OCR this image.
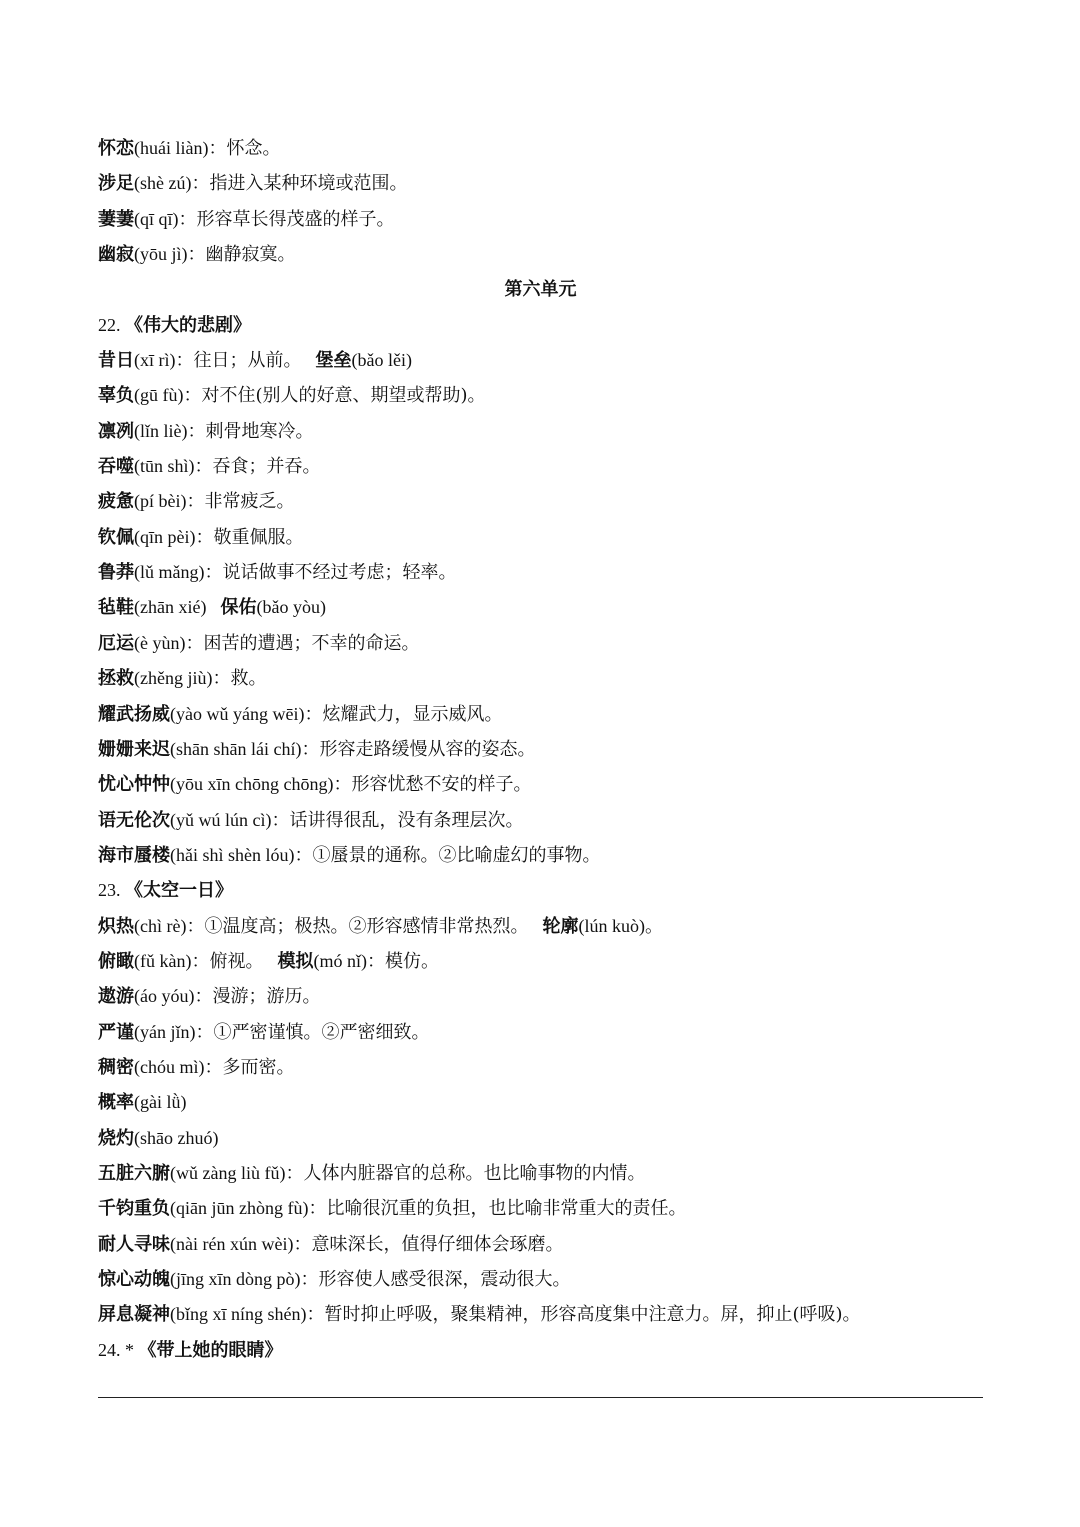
怀恋(huái liàn)：怀念。
涉足(shè zú)：指进入某种环境或范围。
萋萋(qī qī)：形容草长得茂盛的样子。
幽寂(yōu jì)：幽静寂寞。
第六单元
22. 《伟大的悲剧》
昔日(xī rì)：往日；从前。 堡垒(bǎo lěi)
辜负(gū fù)：对不住(别人的好意、期望或帮助)。
凛冽(lǐn liè)：刺骨地寒冷。
吞噬(tūn shì)：吞食；并吞。
疲惫(pí bèi)：非常疲乏。
钦佩(qīn pèi)：敬重佩服。
鲁莽(lǔ mǎng)：说话做事不经过考虑；轻率。
毡鞋(zhān xié) 保佑(bǎo yòu)
厄运(è yùn)：困苦的遭遇；不幸的命运。
拯救(zhěng jiù)：救。
耀武扬威(yào wǔ yáng wēi)：炫耀武力，显示威风。
姗姗来迟(shān shān lái chí)：形容走路缓慢从容的姿态。
忧心忡忡(yōu xīn chōng chōng)：形容忧愁不安的样子。
语无伦次(yǔ wú lún cì)：话讲得很乱，没有条理层次。
海市蜃楼(hǎi shì shèn lóu)：①蜃景的通称。②比喻虚幻的事物。
23. 《太空一日》
炽热(chì rè)：①温度高；极热。②形容感情非常热烈。 轮廓(lún kuò)。
俯瞰(fǔ kàn)：俯视。 模拟(mó nǐ)：模仿。
遨游(áo yóu)：漫游；游历。
严谨(yán jǐn)：①严密谨慎。②严密细致。
稠密(chóu mì)：多而密。
概率(gài lǜ)
烧灼(shāo zhuó)
五脏六腑(wǔ zàng liù fǔ)：人体内脏器官的总称。也比喻事物的内情。
千钧重负(qiān jūn zhòng fù)：比喻很沉重的负担，也比喻非常重大的责任。
耐人寻味(nài rén xún wèi)：意味深长，值得仔细体会琢磨。
惊心动魄(jīng xīn dòng pò)：形容使人感受很深，震动很大。
屏息凝神(bǐng xī níng shén)：暂时抑止呼吸，聚集精神，形容高度集中注意力。屏，抑止(呼吸)。
24. * 《带上她的眼睛》
